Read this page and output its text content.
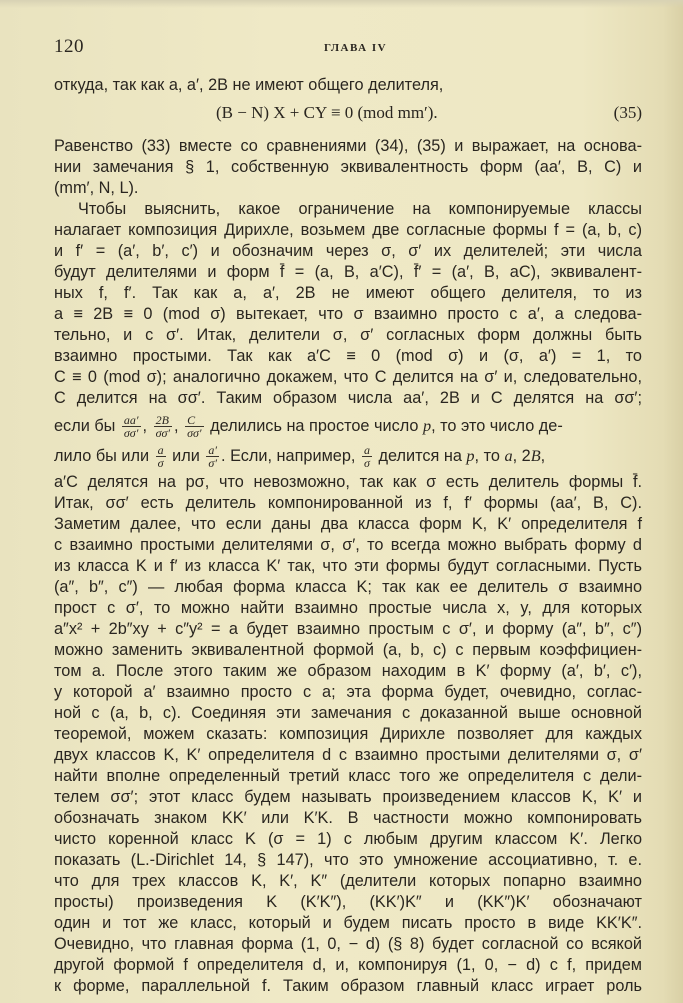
120	ГЛАВА IV
откуда, так как a, a′, 2B не имеют общего делителя,
(B − N) X + CY ≡ 0 (mod mm′).	(35)
Равенство (33) вместе со сравнениями (34), (35) и выражает, на основа-
нии замечания § 1, собственную эквивалентность форм (aa′, B, C) и
(mm′, N, L).
Чтобы выяснить, какое ограничение на компонируемые классы
налагает композиция Дирихле, возьмем две согласные формы f = (a, b, c)
и f′ = (a′, b′, c′) и обозначим через σ, σ′ их делителей; эти числа
будут делителями и форм f̄ = (a, B, a′C), f̄′ = (a′, B, aC), эквивалент-
ных f, f′. Так как a, a′, 2B не имеют общего делителя, то из
a ≡ 2B ≡ 0 (mod σ) вытекает, что σ взаимно просто с a′, а следова-
тельно, и с σ′. Итак, делители σ, σ′ согласных форм должны быть
взаимно простыми. Так как a′C ≡ 0 (mod σ) и (σ, a′) = 1, то
C ≡ 0 (mod σ); аналогично докажем, что C делится на σ′ и, следовательно,
C делится на σσ′. Таким образом числа aa′, 2B и C делятся на σσ′;
если бы $\frac{aa'}{\sigma\sigma'}$ , $\frac{2B}{\sigma\sigma'}$ , $\frac{C}{\sigma\sigma'}$ делились на простое число p, то это число де-
лило бы или $\frac{a}{\sigma}$ или $\frac{a'}{\sigma'}$ . Если, например, $\frac{a}{\sigma}$ делится на p, то a, 2B,
a′C делятся на pσ, что невозможно, так как σ есть делитель формы f̄.
Итак, σσ′ есть делитель компонированной из f, f′ формы (aa′, B, C).
Заметим далее, что если даны два класса форм K, K′ определителя f
с взаимно простыми делителями σ, σ′, то всегда можно выбрать форму d
из класса K и f′ из класса K′ так, что эти формы будут согласными. Пусть
(a″, b″, c″) — любая форма класса K; так как ее делитель σ взаимно
прост с σ′, то можно найти взаимно простые числа x, y, для которых
a″x² + 2b″xy + c″y² = a будет взаимно простым с σ′, и форму (a″, b″, c″)
можно заменить эквивалентной формой (a, b, c) с первым коэффициен-
том a. После этого таким же образом находим в K′ форму (a′, b′, c′),
у которой a′ взаимно просто с a; эта форма будет, очевидно, соглас-
ной с (a, b, c). Соединяя эти замечания с доказанной выше основной
теоремой, можем сказать: композиция Дирихле позволяет для каждых
двух классов K, K′ определителя d с взаимно простыми делителями σ, σ′
найти вполне определенный третий класс того же определителя с дели-
телем σσ′; этот класс будем называть произведением классов K, K′ и
обозначать знаком KK′ или K′K. В частности можно компонировать
чисто коренной класс K (σ = 1) с любым другим классом K′. Легко
показать (L.-Dirichlet 14, § 147), что это умножение ассоциативно, т. е.
что для трех классов K, K′, K″ (делители которых попарно взаимно
просты) произведения K (K′K″), (KK′)K″ и (KK″)K′ обозначают
один и тот же класс, который и будем писать просто в виде KK′K″.
Очевидно, что главная форма (1, 0, − d) (§ 8) будет согласной со всякой
другой формой f определителя d, и, компонируя (1, 0, − d) с f, придем
к форме, параллельной f. Таким образом главный класс играет роль
